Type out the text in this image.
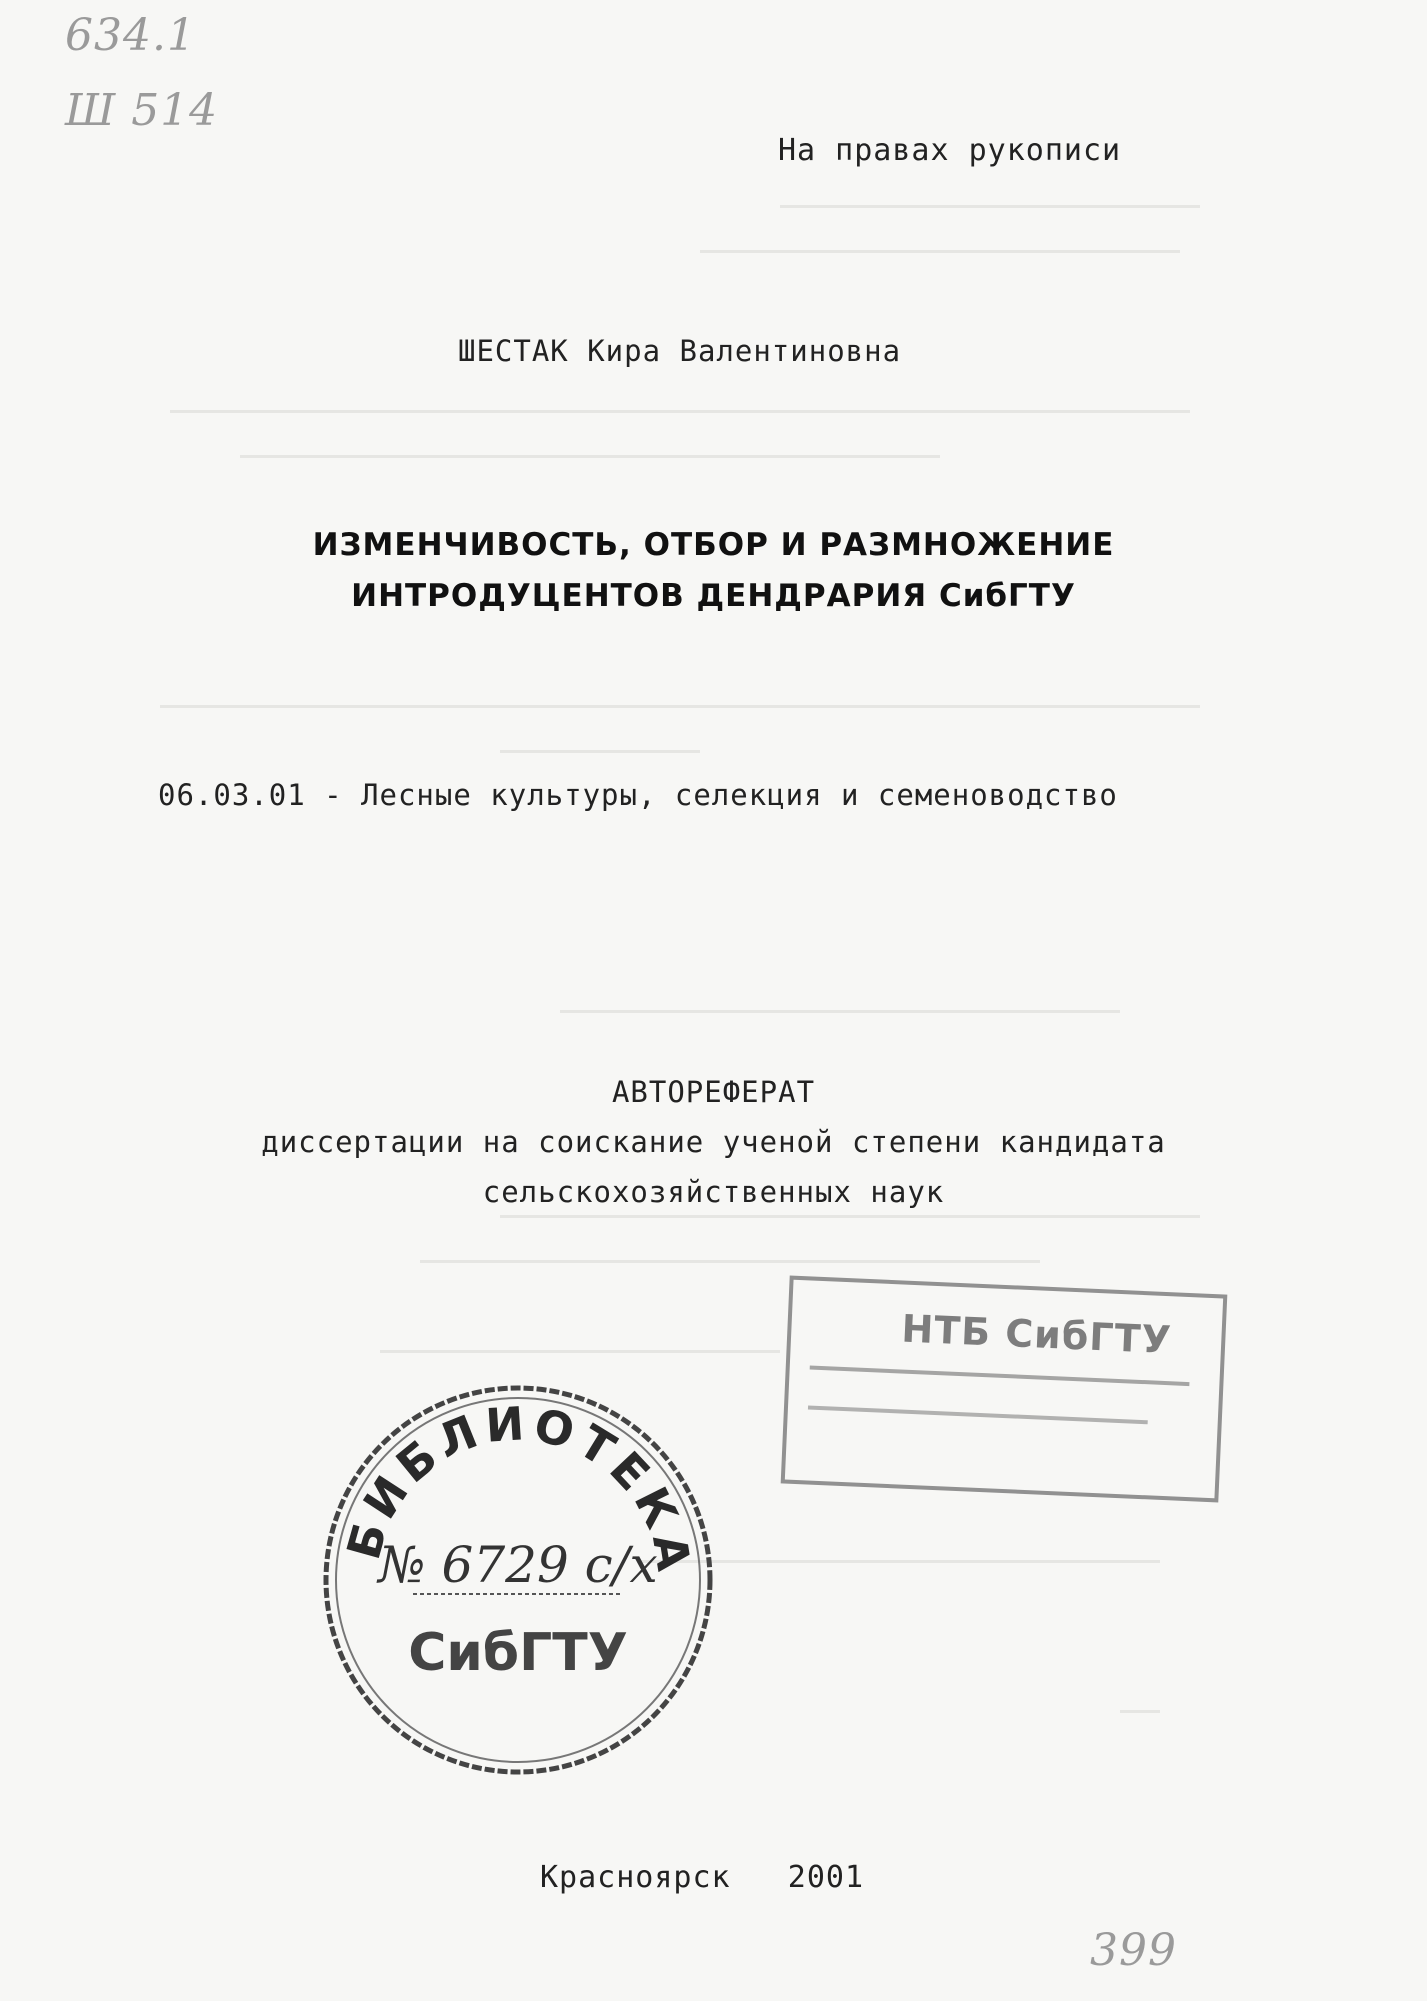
634.1
Ш 514
399
На правах рукописи
ШЕСТАК Кира Валентиновна
ИЗМЕНЧИВОСТЬ, ОТБОР И РАЗМНОЖЕНИЕ
ИНТРОДУЦЕНТОВ ДЕНДРАРИЯ СибГТУ
06.03.01 - Лесные культуры, селекция и семеноводство
АВТОРЕФЕРАТ
диссертации на соискание ученой степени кандидата
сельскохозяйственных наук
НТБ СибГТУ
БИБЛИОТЕКА
№ 6729 с/х
СибГТУ
Красноярск   2001
